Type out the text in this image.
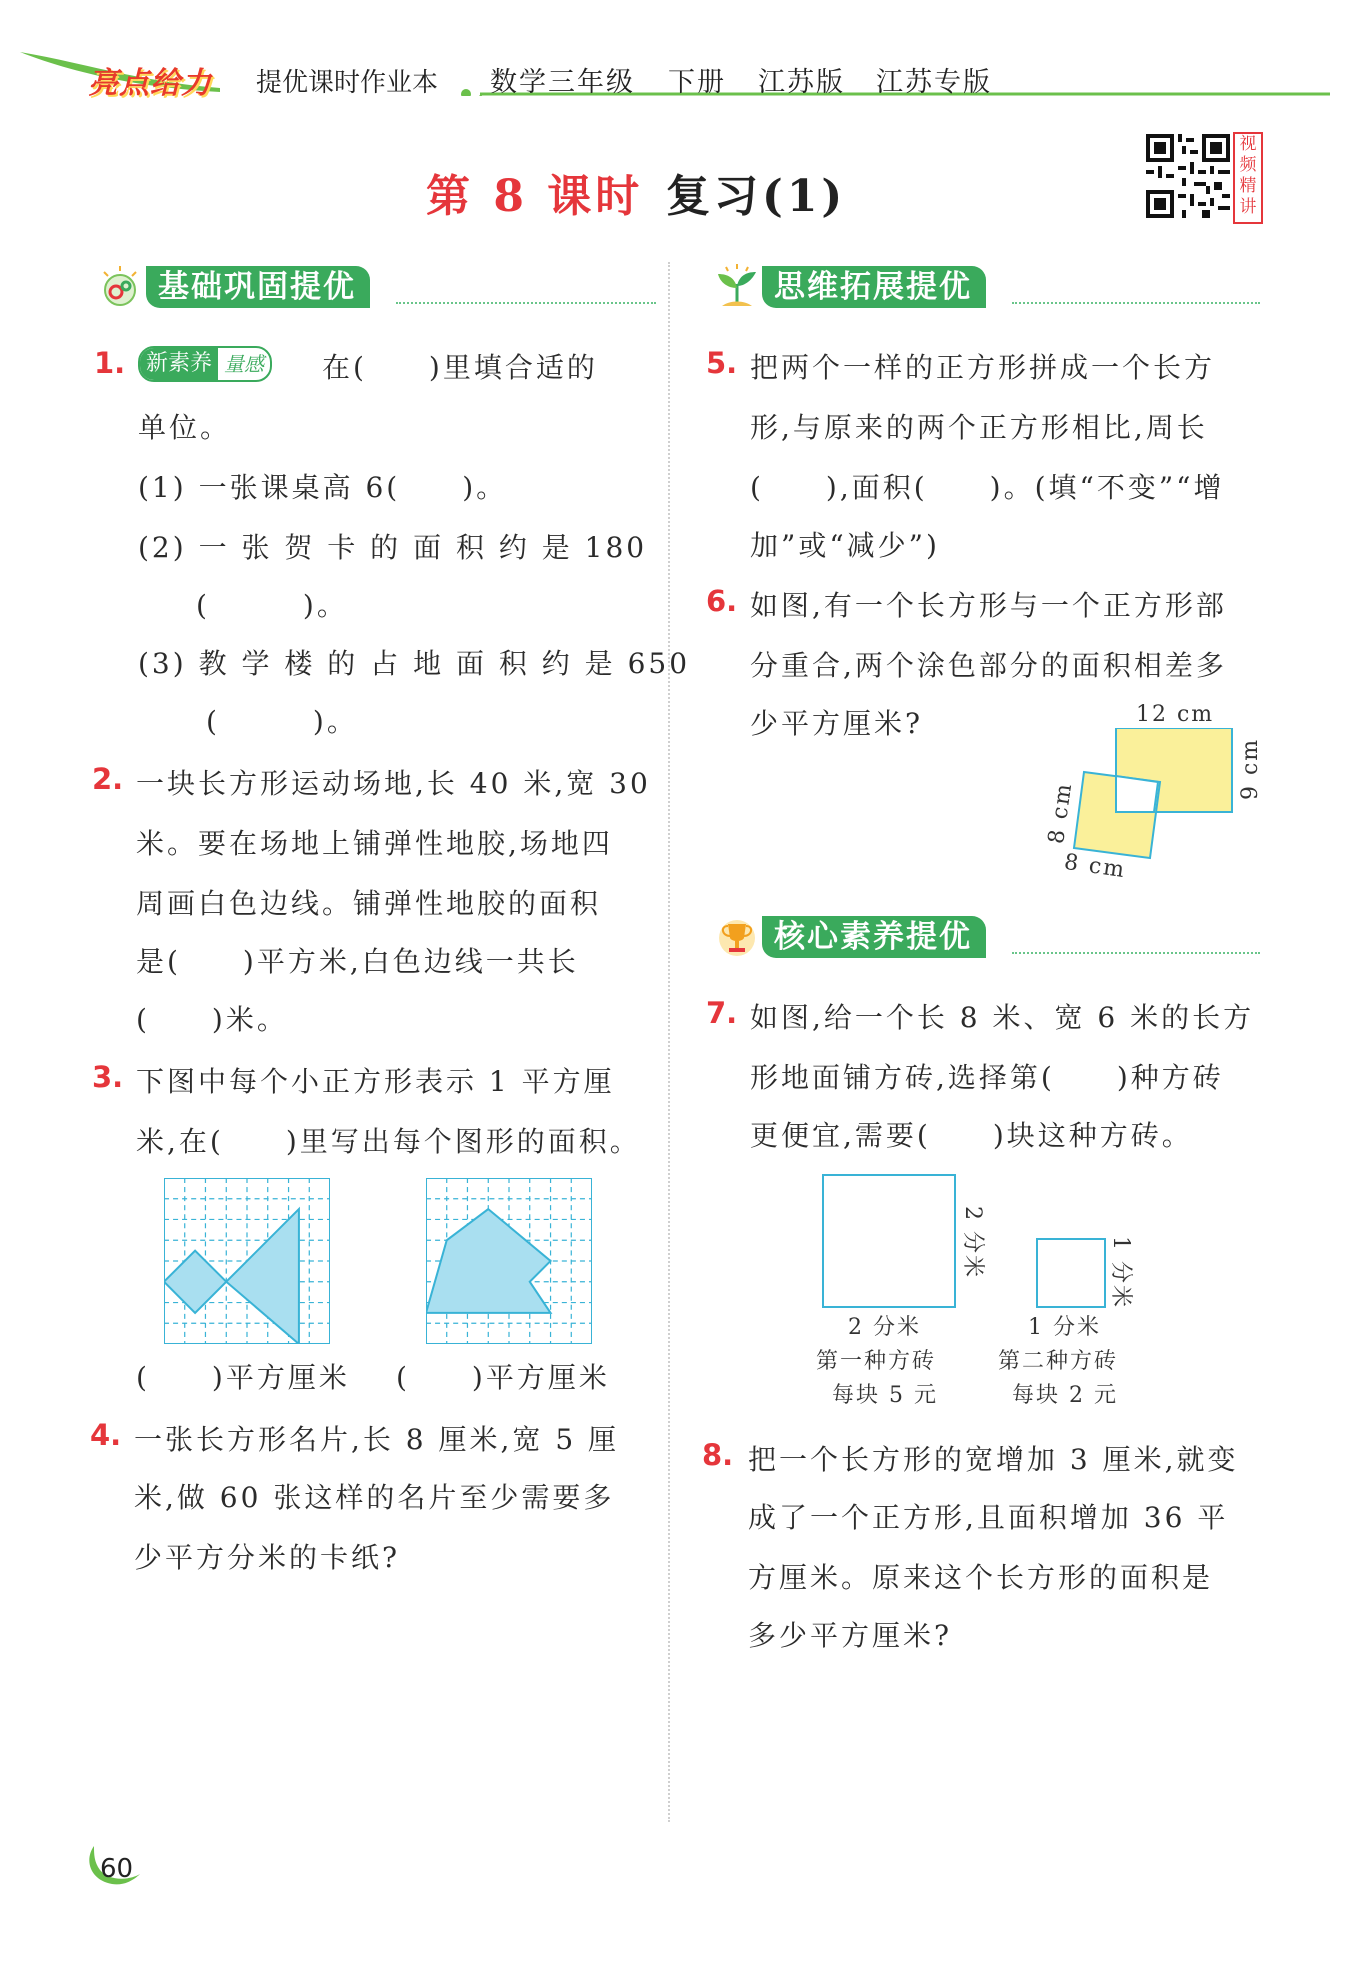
亮点给力 提优课时作业本 数学三年级 下册 江苏版 江苏专版
第 8 课时 复习(1)
视频精讲
基础巩固提优	思维拓展提优
核心素养提优
1. 新素养 量感 在(　　)里填合适的
单位。
(1) 一张课桌高 6(　　)。
(2) 一 张 贺 卡 的 面 积 约 是 180
(　　　)。
(3) 教 学 楼 的 占 地 面 积 约 是 650
(　　　)。
2. 一块长方形运动场地,长 40 米,宽 30
米。要在场地上铺弹性地胶,场地四
周画白色边线。铺弹性地胶的面积
是(　　)平方米,白色边线一共长
(　　)米。
3. 下图中每个小正方形表示 1 平方厘
米,在(　　)里写出每个图形的面积。
(　　)平方厘米 (　　)平方厘米
4. 一张长方形名片,长 8 厘米,宽 5 厘
米,做 60 张这样的名片至少需要多
少平方分米的卡纸?
5. 把两个一样的正方形拼成一个长方
形,与原来的两个正方形相比,周长
(　　),面积(　　)。(填“不变”“增
加”或“减少”)
6. 如图,有一个长方形与一个正方形部
分重合,两个涂色部分的面积相差多
少平方厘米?	12 cm
9 cm
8 cm
8 cm
7. 如图,给一个长 8 米、宽 6 米的长方
形地面铺方砖,选择第(　　)种方砖
更便宜,需要(　　)块这种方砖。
2 分米
2 分米
第一种方砖
每块 5 元
1 分米
1 分米
第二种方砖
每块 2 元
8. 把一个长方形的宽增加 3 厘米,就变
成了一个正方形,且面积增加 36 平
方厘米。原来这个长方形的面积是
多少平方厘米?
60
